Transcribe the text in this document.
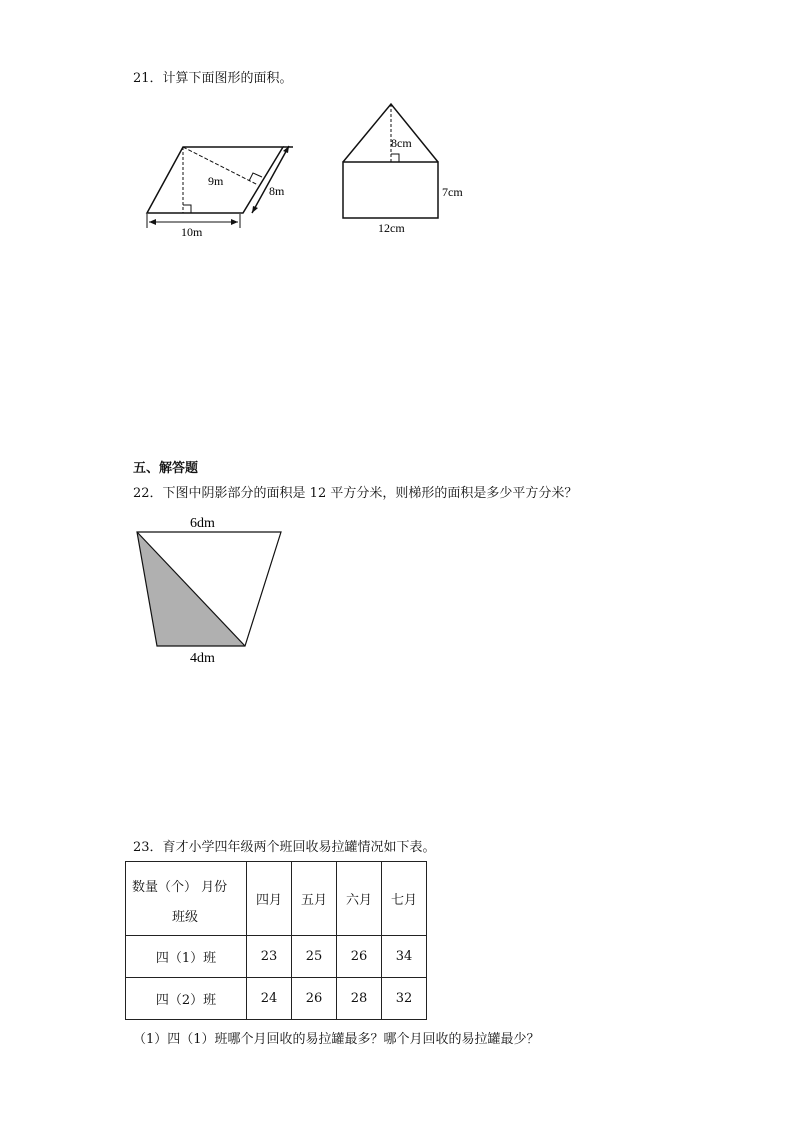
21．计算下面图形的面积。
9m
8m
10m
8cm
7cm
12cm
五、解答题
22．下图中阴影部分的面积是 12 平方分米，则梯形的面积是多少平方分米？
6dm
4dm
23．育才小学四年级两个班回收易拉罐情况如下表。
数量（个） 月份
班级	四月	五月	六月	七月
四（1）班	23	25	26	34
四（2）班	24	26	28	32
（1）四（1）班哪个月回收的易拉罐最多？哪个月回收的易拉罐最少？
